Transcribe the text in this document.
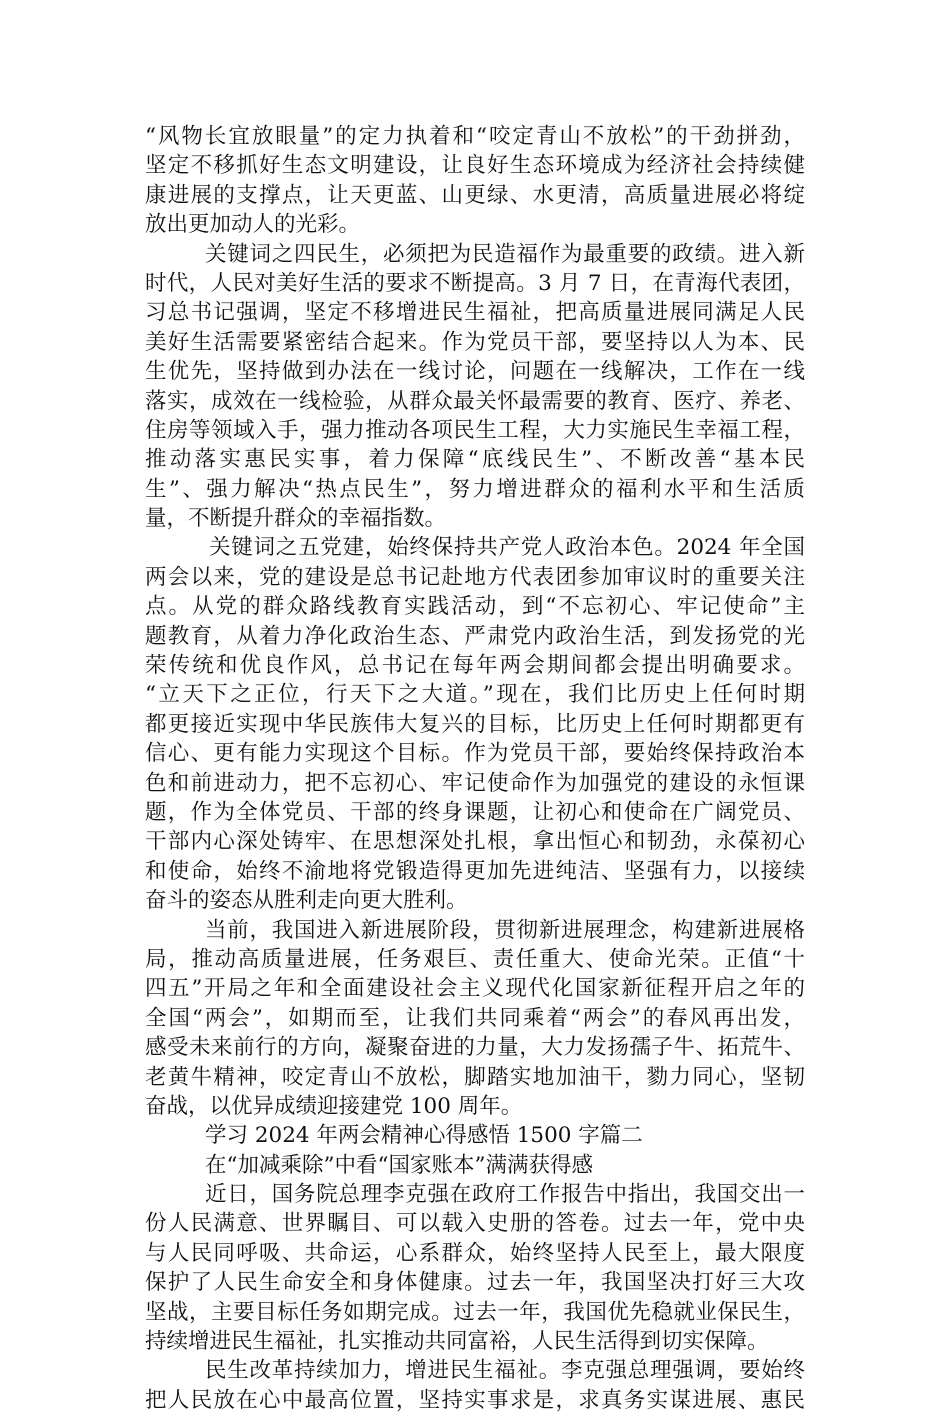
“风物长宜放眼量”的定力执着和“咬定青山不放松”的干劲拼劲，
坚定不移抓好生态文明建设，让良好生态环境成为经济社会持续健
康进展的支撑点，让天更蓝、山更绿、水更清，高质量进展必将绽
放出更加动人的光彩。
关键词之四民生，必须把为民造福作为最重要的政绩。进入新
时代，人民对美好生活的要求不断提高。3 月 7 日，在青海代表团，
习总书记强调，坚定不移增进民生福祉，把高质量进展同满足人民
美好生活需要紧密结合起来。作为党员干部，要坚持以人为本、民
生优先，坚持做到办法在一线讨论，问题在一线解决，工作在一线
落实，成效在一线检验，从群众最关怀最需要的教育、医疗、养老、
住房等领域入手，强力推动各项民生工程，大力实施民生幸福工程，
推动落实惠民实事，着力保障“底线民生”、不断改善“基本民
生”、强力解决“热点民生”，努力增进群众的福利水平和生活质
量，不断提升群众的幸福指数。
关键词之五党建，始终保持共产党人政治本色。2024 年全国
两会以来，党的建设是总书记赴地方代表团参加审议时的重要关注
点。从党的群众路线教育实践活动，到“不忘初心、牢记使命”主
题教育，从着力净化政治生态、严肃党内政治生活，到发扬党的光
荣传统和优良作风，总书记在每年两会期间都会提出明确要求。
“立天下之正位，行天下之大道。”现在，我们比历史上任何时期
都更接近实现中华民族伟大复兴的目标，比历史上任何时期都更有
信心、更有能力实现这个目标。作为党员干部，要始终保持政治本
色和前进动力，把不忘初心、牢记使命作为加强党的建设的永恒课
题，作为全体党员、干部的终身课题，让初心和使命在广阔党员、
干部内心深处铸牢、在思想深处扎根，拿出恒心和韧劲，永葆初心
和使命，始终不渝地将党锻造得更加先进纯洁、坚强有力，以接续
奋斗的姿态从胜利走向更大胜利。
当前，我国进入新进展阶段，贯彻新进展理念，构建新进展格
局，推动高质量进展，任务艰巨、责任重大、使命光荣。正值“十
四五”开局之年和全面建设社会主义现代化国家新征程开启之年的
全国“两会”，如期而至，让我们共同乘着“两会”的春风再出发，
感受未来前行的方向，凝聚奋进的力量，大力发扬孺子牛、拓荒牛、
老黄牛精神，咬定青山不放松，脚踏实地加油干，勠力同心，坚韧
奋战，以优异成绩迎接建党 100 周年。
学习 2024 年两会精神心得感悟 1500 字篇二
在“加减乘除”中看“国家账本”满满获得感
近日，国务院总理李克强在政府工作报告中指出，我国交出一
份人民满意、世界瞩目、可以载入史册的答卷。过去一年，党中央
与人民同呼吸、共命运，心系群众，始终坚持人民至上，最大限度
保护了人民生命安全和身体健康。过去一年，我国坚决打好三大攻
坚战，主要目标任务如期完成。过去一年，我国优先稳就业保民生，
持续增进民生福祉，扎实推动共同富裕，人民生活得到切实保障。
民生改革持续加力，增进民生福祉。李克强总理强调，要始终
把人民放在心中最高位置，坚持实事求是，求真务实谋进展、惠民
